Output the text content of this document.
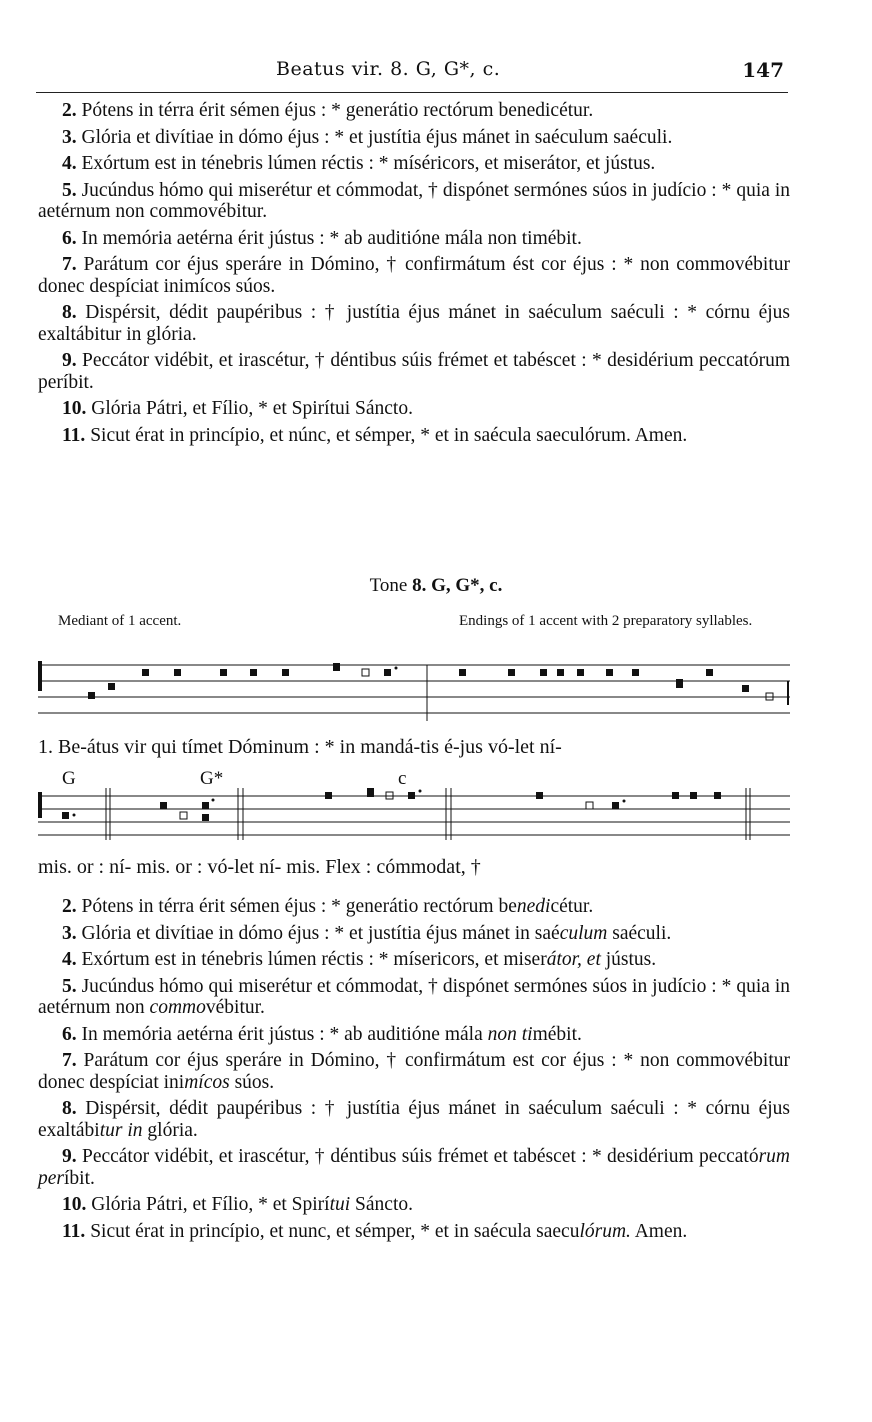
Beatus vir. 8. G, G*, c.	147

2. Pótens in térra érit sémen éjus : * generátio rectórum benedicétur.

3. Glória et divítiae in dómo éjus : * et justítia éjus mánet in saéculum saéculi.

4. Exórtum est in ténebris lúmen réctis : * míséricors, et miserátor, et jústus.

5. Jucúndus hómo qui miserétur et cómmodat, † dispónet sermónes súos in judício : * quia in aetérnum non commovébitur.

6. In memória aetérna érit jústus : * ab auditióne mála non timébit.

7. Parátum cor éjus speráre in Dómino, † confirmátum ést cor éjus : * non commovébitur donec despíciat inimícos súos.

8. Dispérsit, dédit paupéribus : † justítia éjus mánet in saéculum saéculi : * córnu éjus exaltábitur in glória.

9. Peccátor vidébit, et irascétur, † déntibus súis frémet et tabéscet : * desidérium peccatórum períbit.

10. Glória Pátri, et Fílio, * et Spirítui Sáncto.

11. Sicut érat in princípio, et núnc, et sémper, * et in saécula saeculórum. Amen.

Tone 8. G, G*, c.
Mediant of 1 accent.	Endings of 1 accent with 2 preparatory syllables.
1. Be-átus vir qui tímet Dóminum : * in mandá-tis é-jus vó-let ní-
G	G*	c
mis. or : ní- mis. or : vó-let ní- mis. Flex : cómmodat, †

2. Pótens in térra érit sémen éjus : * generátio rectórum benedicétur.

3. Glória et divítiae in dómo éjus : * et justítia éjus mánet in saéculum saéculi.

4. Exórtum est in ténebris lúmen réctis : * mísericors, et miserátor, et jústus.

5. Jucúndus hómo qui miserétur et cómmodat, † dispónet sermónes súos in judício : * quia in aetérnum non commovébitur.

6. In memória aetérna érit jústus : * ab auditióne mála non timébit.

7. Parátum cor éjus speráre in Dómino, † confirmátum est cor éjus : * non commovébitur donec despíciat inimícos súos.

8. Dispérsit, dédit paupéribus : † justítia éjus mánet in saéculum saéculi : * córnu éjus exaltábitur in glória.

9. Peccátor vidébit, et irascétur, † déntibus súis frémet et tabéscet : * desidérium peccatórum períbit.

10. Glória Pátri, et Fílio, * et Spirítui Sáncto.

11. Sicut érat in princípio, et nunc, et sémper, * et in saécula saeculórum. Amen.
